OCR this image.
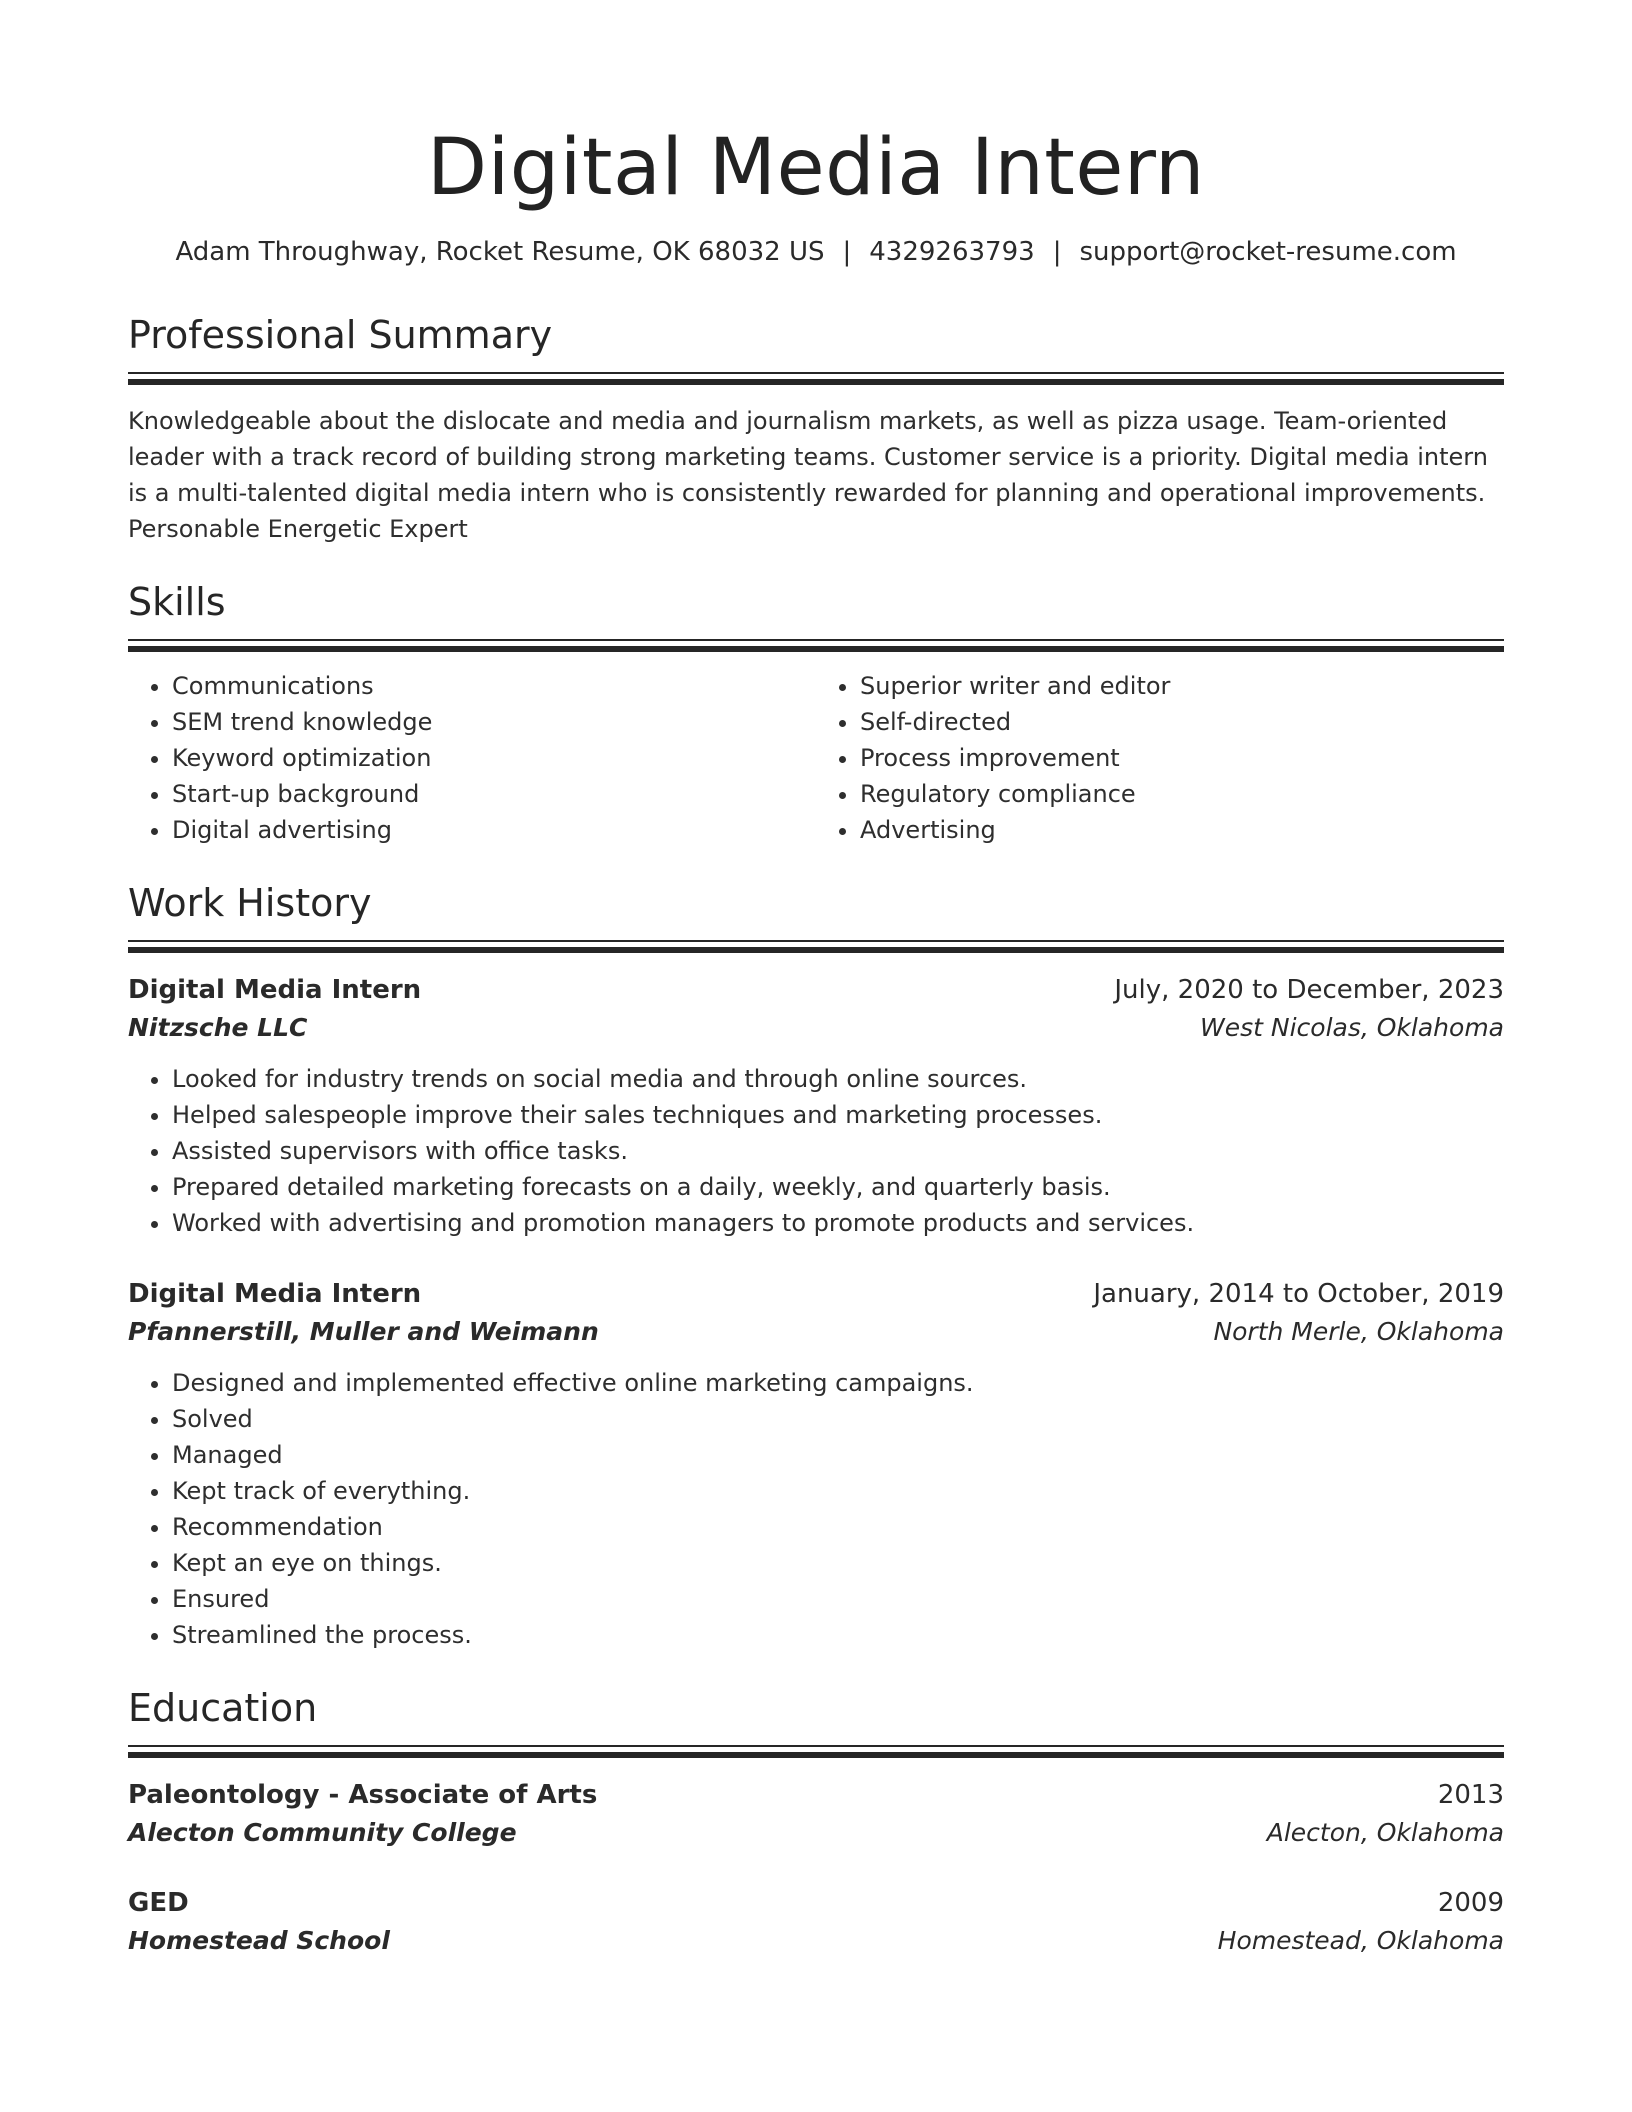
Digital Media Intern
Adam Throughway, Rocket Resume, OK 68032 US | 4329263793 | support@rocket-resume.com
Professional Summary
Knowledgeable about the dislocate and media and journalism markets, as well as pizza usage. Team-oriented leader with a track record of building strong marketing teams. Customer service is a priority. Digital media intern is a multi-talented digital media intern who is consistently rewarded for planning and operational improvements. Personable Energetic Expert
Skills
• Communications
• SEM trend knowledge
• Keyword optimization
• Start-up background
• Digital advertising
• Superior writer and editor
• Self-directed
• Process improvement
• Regulatory compliance
• Advertising
Work History
Digital Media Intern	July, 2020 to December, 2023
Nitzsche LLC	West Nicolas, Oklahoma
• Looked for industry trends on social media and through online sources.
• Helped salespeople improve their sales techniques and marketing processes.
• Assisted supervisors with office tasks.
• Prepared detailed marketing forecasts on a daily, weekly, and quarterly basis.
• Worked with advertising and promotion managers to promote products and services.
Digital Media Intern	January, 2014 to October, 2019
Pfannerstill, Muller and Weimann	North Merle, Oklahoma
• Designed and implemented effective online marketing campaigns.
• Solved
• Managed
• Kept track of everything.
• Recommendation
• Kept an eye on things.
• Ensured
• Streamlined the process.
Education
Paleontology - Associate of Arts	2013
Alecton Community College	Alecton, Oklahoma
GED	2009
Homestead School	Homestead, Oklahoma
